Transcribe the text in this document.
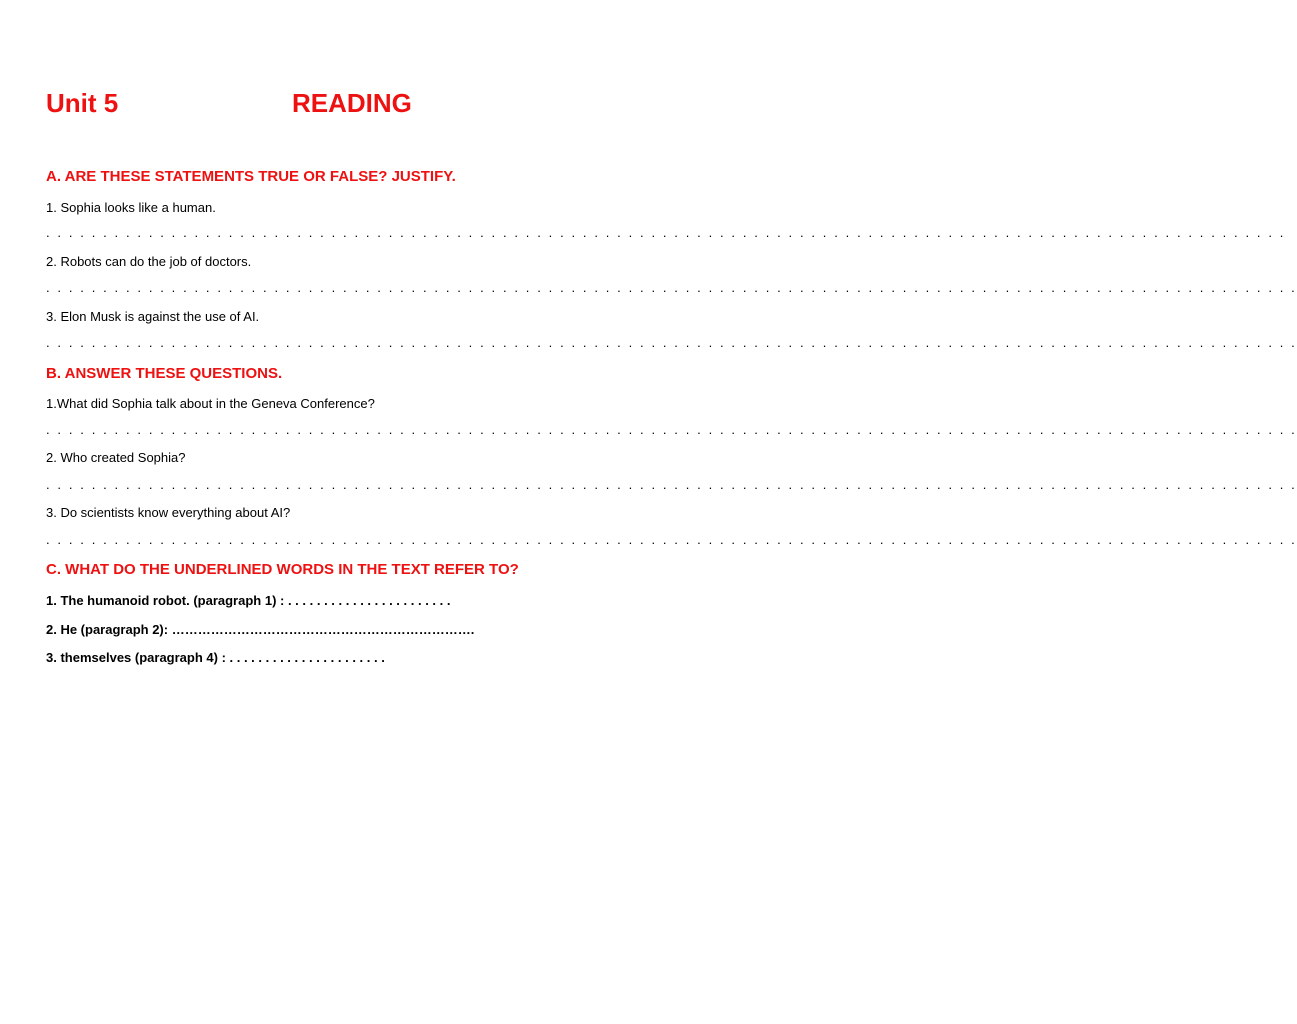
Unit 5	READING
A. ARE THESE STATEMENTS TRUE OR FALSE? JUSTIFY.
1. Sophia looks like a human.
. . . . . . . . . . . . . . . . . . . . . . . . . . . . . . . . . . . . . . . . . . . . . . . . . . . . . . . . . . . . . . . . . . . . . . . . . . . . . . . . . . . . . . . . . . . . . . . . . . . . . . . . . . . . .
2. Robots can do the job of doctors.
. . . . . . . . . . . . . . . . . . . . . . . . . . . . . . . . . . . . . . . . . . . . . . . . . . . . . . . . . . . . . . . . . . . . . . . . . . . . . . . . . . . . . . . . . . . . . . . . . . . . . . . . . . . . . .
3. Elon Musk is against the use of AI.
. . . . . . . . . . . . . . . . . . . . . . . . . . . . . . . . . . . . . . . . . . . . . . . . . . . . . . . . . . . . . . . . . . . . . . . . . . . . . . . . . . . . . . . . . . . . . . . . . . . . . . . . . . . . . .
B. ANSWER THESE QUESTIONS.
1.What did Sophia talk about in the Geneva Conference?
. . . . . . . . . . . . . . . . . . . . . . . . . . . . . . . . . . . . . . . . . . . . . . . . . . . . . . . . . . . . . . . . . . . . . . . . . . . . . . . . . . . . . . . . . . . . . . . . . . . . . . . . . . . . . .
2. Who created Sophia?
. . . . . . . . . . . . . . . . . . . . . . . . . . . . . . . . . . . . . . . . . . . . . . . . . . . . . . . . . . . . . . . . . . . . . . . . . . . . . . . . . . . . . . . . . . . . . . . . . . . . . . . . . . . . . .
3. Do scientists know everything about AI?
. . . . . . . . . . . . . . . . . . . . . . . . . . . . . . . . . . . . . . . . . . . . . . . . . . . . . . . . . . . . . . . . . . . . . . . . . . . . . . . . . . . . . . . . . . . . . . . . . . . . . . . . . . . . . .
C. WHAT DO THE UNDERLINED WORDS IN THE TEXT REFER TO?
1. The humanoid robot. (paragraph 1) : . . . . . . . . . . . . . . . . . . . . . . .
2. He (paragraph 2): …………………………………………………………….
3. themselves (paragraph 4) : . . . . . . . . . . . . . . . . . . . . . .
